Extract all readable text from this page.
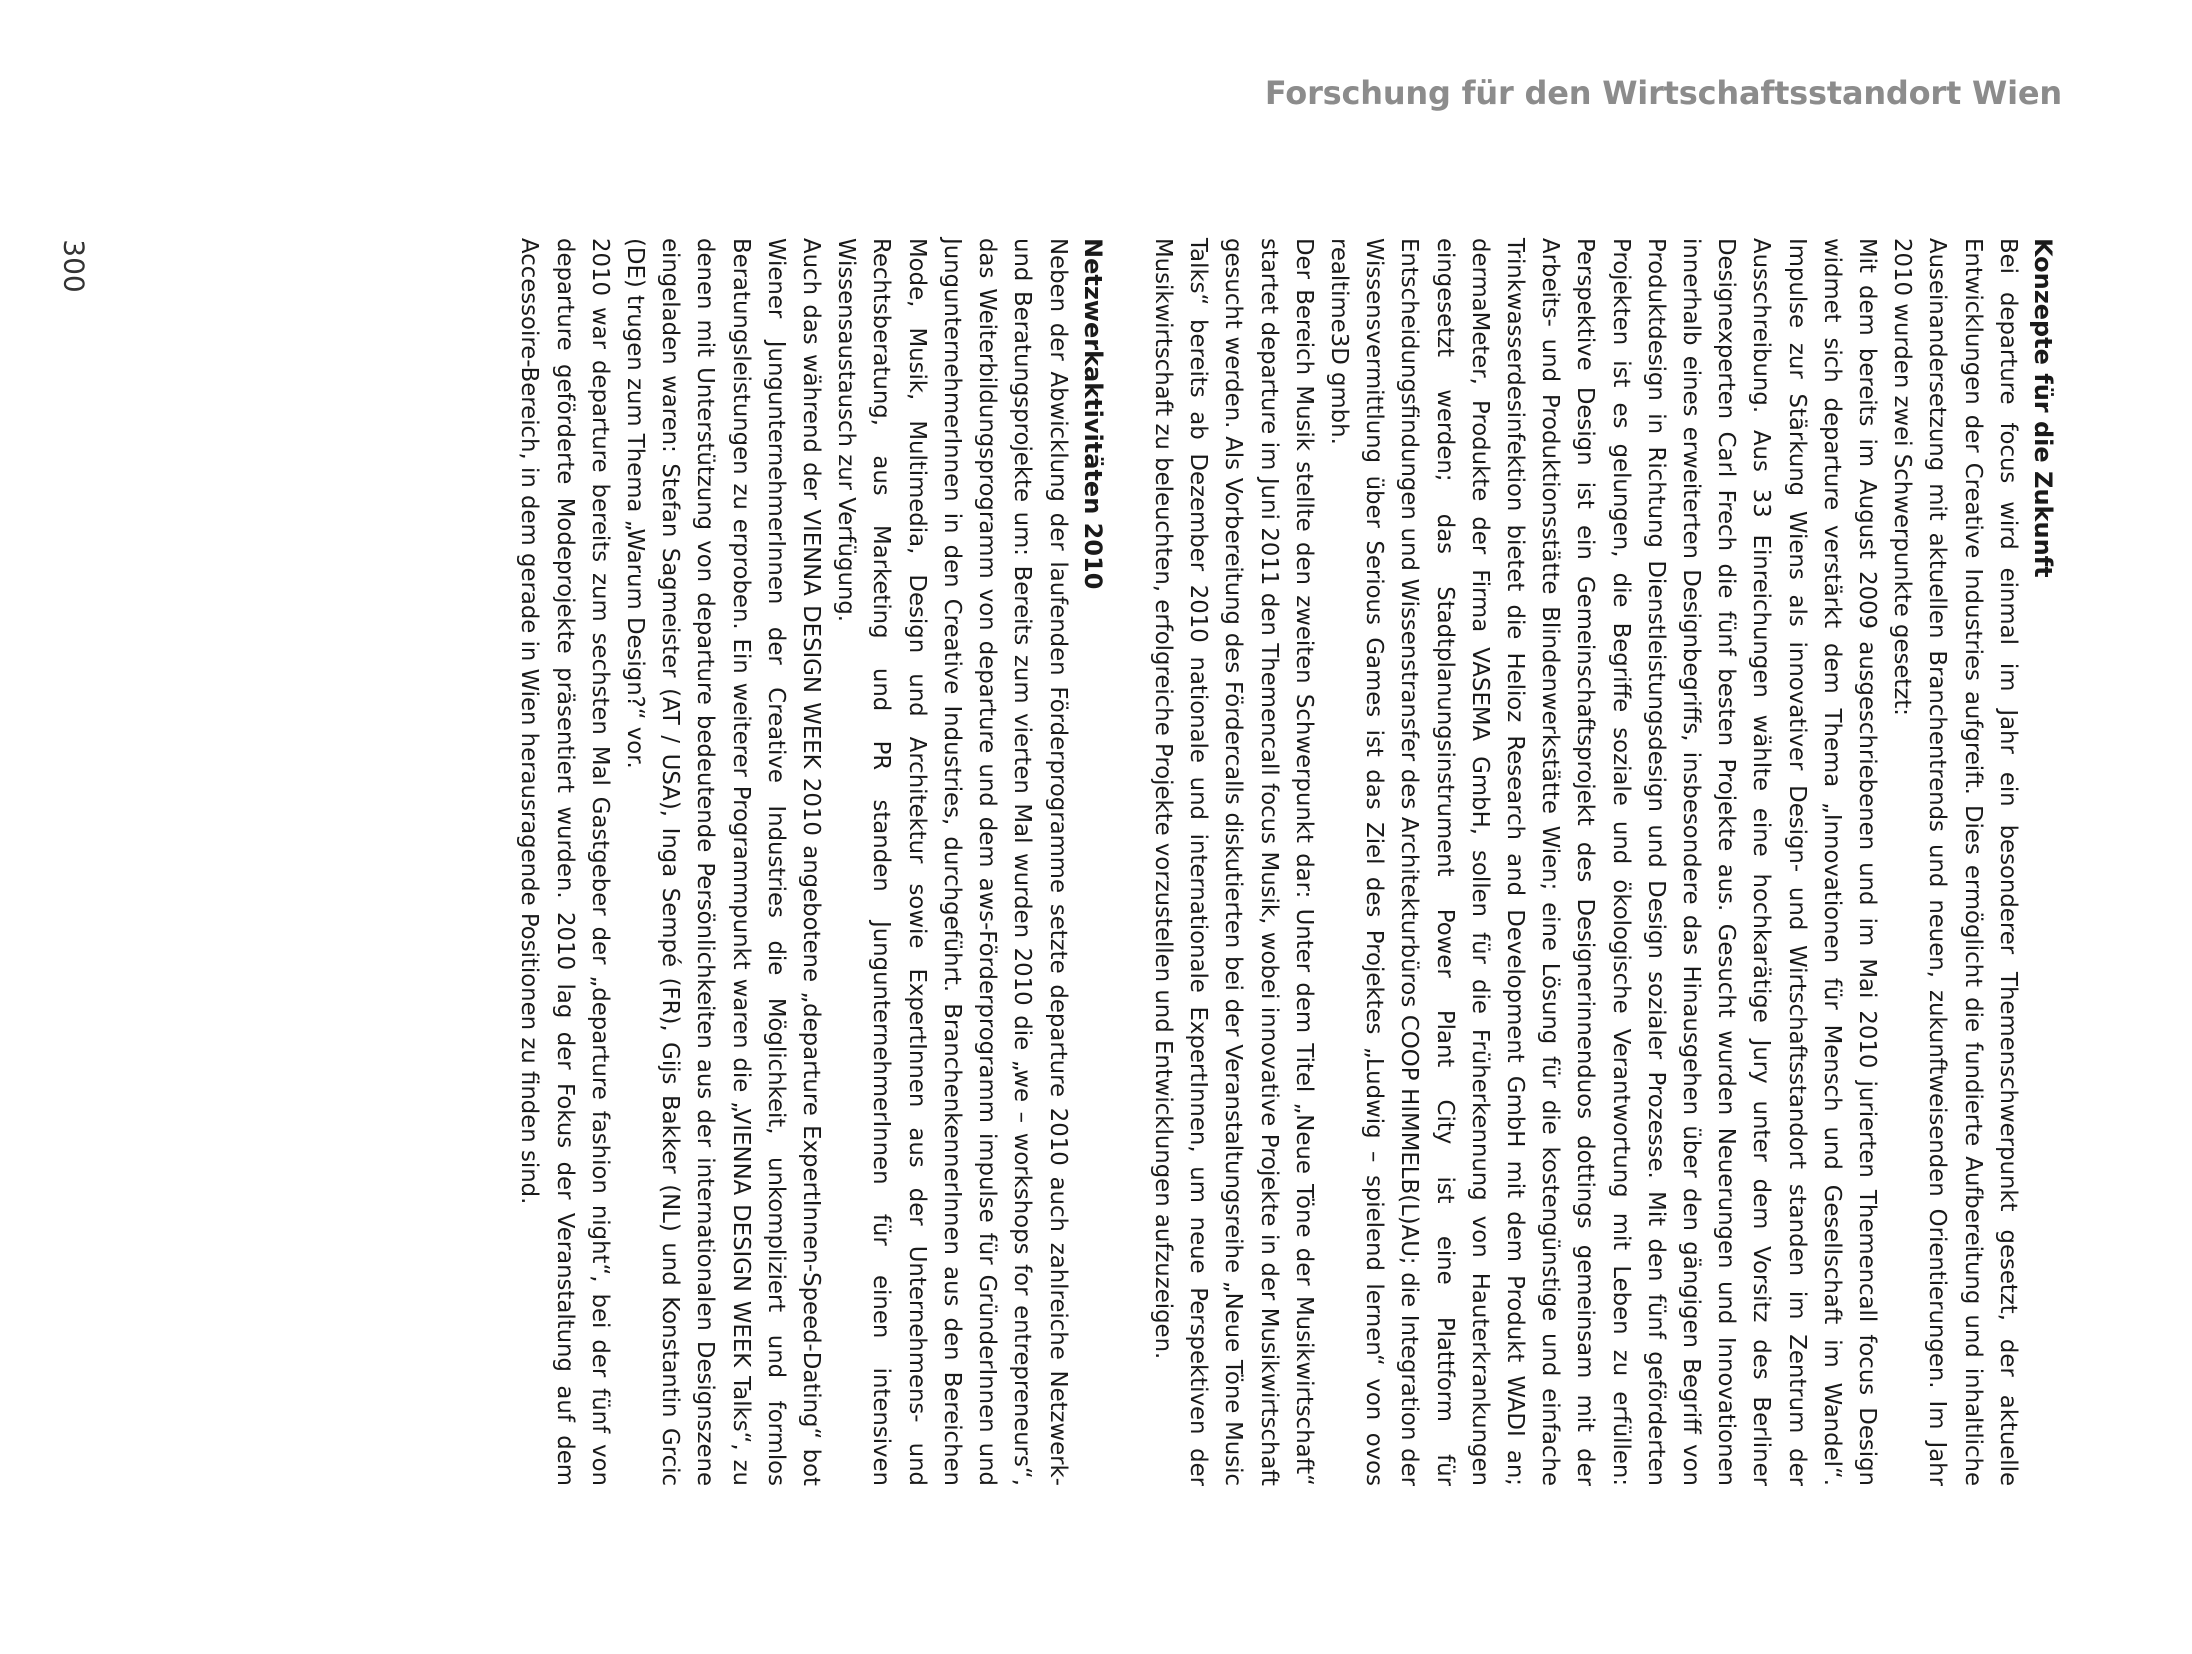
Forschung für den Wirtschaftsstandort Wien
300	Konzepte für die Zukunft

Bei departure focus wird einmal im Jahr ein besonderer Themenschwerpunkt gesetzt, der aktuelle Entwicklungen der Creative Industries aufgreift. Dies ermöglicht die fundierte Aufbereitung und inhaltliche Auseinandersetzung mit aktuellen Branchentrends und neuen, zukunftweisenden Orientierungen. Im Jahr 2010 wurden zwei Schwerpunkte gesetzt:

Mit dem bereits im August 2009 ausgeschriebenen und im Mai 2010 jurierten Themencall focus Design widmet sich departure verstärkt dem Thema „Innovationen für Mensch und Gesellschaft im Wandel“. Impulse zur Stärkung Wiens als innovativer Design- und Wirtschaftsstandort standen im Zentrum der Ausschreibung. Aus 33 Einreichungen wählte eine hochkarätige Jury unter dem Vorsitz des Berliner Designexperten Carl Frech die fünf besten Projekte aus. Gesucht wurden Neuerungen und Innovationen innerhalb eines erweiterten Designbegriffs, insbesondere das Hinausgehen über den gängigen Begriff von Produktdesign in Richtung Dienstleistungsdesign und Design sozialer Prozesse. Mit den fünf geförderten Projekten ist es gelungen, die Begriffe soziale und ökologische Verantwortung mit Leben zu erfüllen: Perspektive Design ist ein Gemeinschaftsprojekt des Designerinnenduos dottings gemeinsam mit der Arbeits- und Produktionsstätte Blindenwerkstätte Wien; eine Lösung für die kostengünstige und einfache Trinkwasserdesinfektion bietet die Helioz Research and Development GmbH mit dem Produkt WADI an; dermaMeter, Produkte der Firma VASEMA GmbH, sollen für die Früherkennung von Hauterkrankungen eingesetzt werden; das Stadtplanungsinstrument Power Plant City ist eine Plattform für Entscheidungsfindungen und Wissenstransfer des Architekturbüros COOP HIMMELB(L)AU; die Integration der Wissensvermittlung über Serious Games ist das Ziel des Projektes „Ludwig – spielend lernen“ von ovos realtime3D gmbh.

Der Bereich Musik stellte den zweiten Schwerpunkt dar: Unter dem Titel „Neue Töne der Musikwirtschaft“ startet departure im Juni 2011 den Themencall focus Musik, wobei innovative Projekte in der Musikwirtschaft gesucht werden. Als Vorbereitung des Fördercalls diskutierten bei der Veranstaltungsreihe „Neue Töne Music Talks“ bereits ab Dezember 2010 nationale und internationale ExpertInnen, um neue Perspektiven der Musikwirtschaft zu beleuchten, erfolgreiche Projekte vorzustellen und Entwicklungen aufzuzeigen.

Netzwerkaktivitäten 2010

Neben der Abwicklung der laufenden Förderprogramme setzte departure 2010 auch zahlreiche Netzwerk- und Beratungsprojekte um: Bereits zum vierten Mal wurden 2010 die „we – workshops for entrepreneurs“, das Weiterbildungsprogramm von departure und dem aws-Förderprogramm impulse für GründerInnen und JungunternehmerInnen in den Creative Industries, durchgeführt. BranchenkennerInnen aus den Bereichen Mode, Musik, Multimedia, Design und Architektur sowie ExpertInnen aus der Unternehmens- und Rechtsberatung, aus Marketing und PR standen JungunternehmerInnen für einen intensiven Wissensaustausch zur Verfügung.

Auch das während der VIENNA DESIGN WEEK 2010 angebotene „departure ExpertInnen-Speed-Dating“ bot Wiener JungunternehmerInnen der Creative Industries die Möglichkeit, unkompliziert und formlos Beratungsleistungen zu erproben. Ein weiterer Programmpunkt waren die „VIENNA DESIGN WEEK Talks“, zu denen mit Unterstützung von departure bedeutende Persönlichkeiten aus der internationalen Designszene eingeladen waren: Stefan Sagmeister (AT / USA), Inga Sempé (FR), Gijs Bakker (NL) und Konstantin Grcic (DE) trugen zum Thema „Warum Design?“ vor.

2010 war departure bereits zum sechsten Mal Gastgeber der „departure fashion night“, bei der fünf von departure geförderte Modeprojekte präsentiert wurden. 2010 lag der Fokus der Veranstaltung auf dem Accessoire-Bereich, in dem gerade in Wien herausragende Positionen zu finden sind.
